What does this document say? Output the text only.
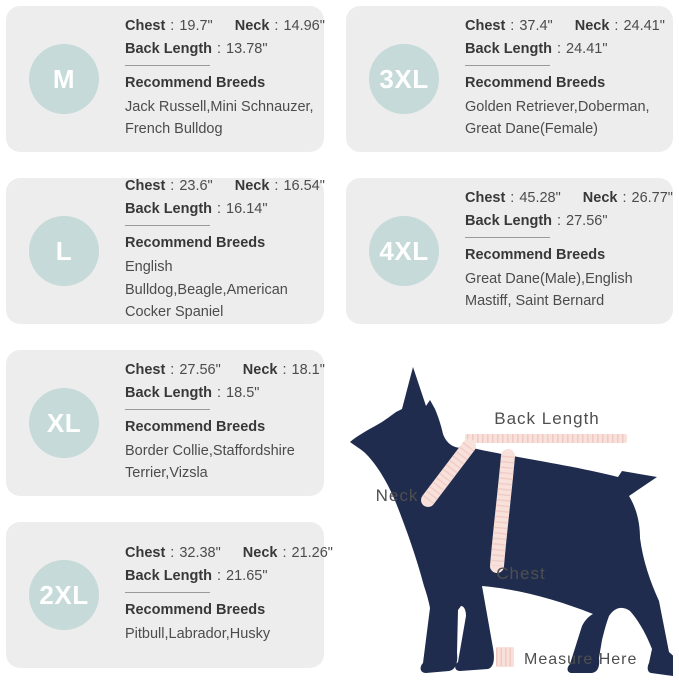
M
Chest : 19.7" Neck : 14.96"
Back Length : 13.78"
Recommend Breeds
Jack Russell,Mini Schnauzer, French Bulldog
L
Chest : 23.6" Neck : 16.54"
Back Length : 16.14"
Recommend Breeds
English Bulldog,Beagle,American Cocker Spaniel
XL
Chest : 27.56" Neck : 18.1"
Back Length : 18.5"
Recommend Breeds
Border Collie,Staffordshire Terrier,Vizsla
2XL
Chest : 32.38" Neck : 21.26"
Back Length : 21.65"
Recommend Breeds
Pitbull,Labrador,Husky
3XL
Chest : 37.4" Neck : 24.41"
Back Length : 24.41"
Recommend Breeds
Golden Retriever,Doberman, Great Dane(Female)
4XL
Chest : 45.28" Neck : 26.77"
Back Length : 27.56"
Recommend Breeds
Great Dane(Male),English Mastiff, Saint Bernard
Back Length
Neck
Chest
Measure Here
